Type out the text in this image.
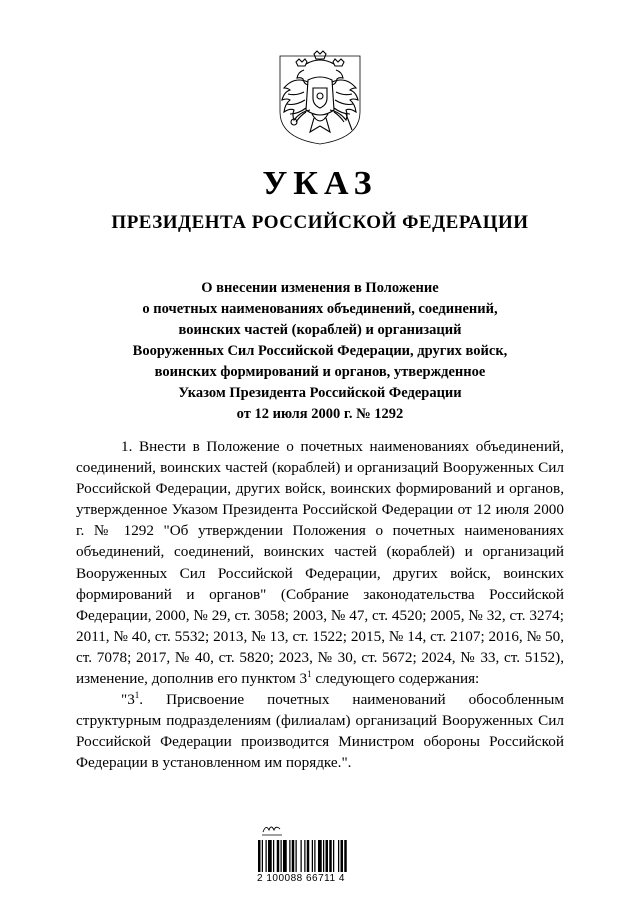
УКАЗ
ПРЕЗИДЕНТА РОССИЙСКОЙ ФЕДЕРАЦИИ
О внесении изменения в Положение
о почетных наименованиях объединений, соединений,
воинских частей (кораблей) и организаций
Вооруженных Сил Российской Федерации, других войск,
воинских формирований и органов, утвержденное
Указом Президента Российской Федерации
от 12 июля 2000 г. № 1292

1. Внести в Положение о почетных наименованиях объединений, соединений, воинских частей (кораблей) и организаций Вооруженных Сил Российской Федерации, других войск, воинских формирований и органов, утвержденное Указом Президента Российской Федерации от 12 июля 2000 г. № 1292 "Об утверждении Положения о почетных наименованиях объединений, соединений, воинских частей (кораблей) и организаций Вооруженных Сил Российской Федерации, других войск, воинских формирований и органов" (Собрание законодательства Российской Федерации, 2000, № 29, ст. 3058; 2003, № 47, ст. 4520; 2005, № 32, ст. 3274; 2011, № 40, ст. 5532; 2013, № 13, ст. 1522; 2015, № 14, ст. 2107; 2016, № 50, ст. 7078; 2017, № 40, ст. 5820; 2023, № 30, ст. 5672; 2024, № 33, ст. 5152), изменение, дополнив его пунктом $3^1$ следующего содержания:

"$3^1$. Присвоение почетных наименований обособленным структурным подразделениям (филиалам) организаций Вооруженных Сил Российской Федерации производится Министром обороны Российской Федерации в установленном им порядке.".

2 100088 66711 4
